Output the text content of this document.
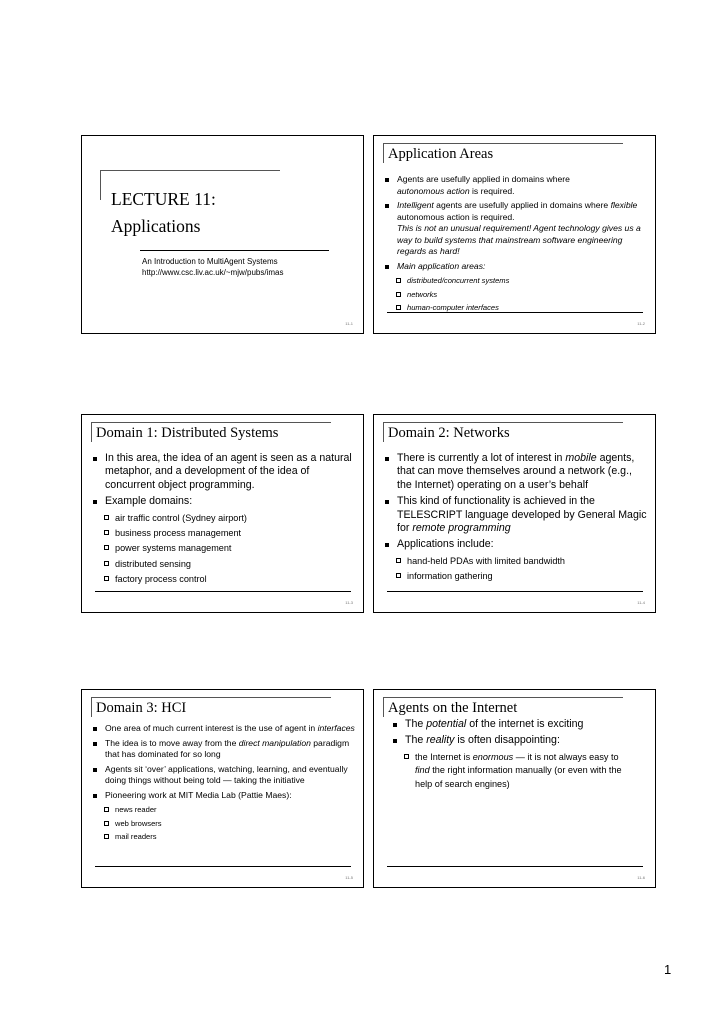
LECTURE 11:
Applications
An Introduction to MultiAgent Systems
http://www.csc.liv.ac.uk/~mjw/pubs/imas
11-1
Application Areas
Agents are usefully applied in domains where
autonomous action is required.
Intelligent agents are usefully applied in domains where flexible autonomous action is required.
This is not an unusual requirement! Agent technology gives us a way to build systems that mainstream software engineering regards as hard!
Main application areas:
distributed/concurrent systems
networks
human-computer interfaces
11-2
Domain 1: Distributed Systems
In this area, the idea of an agent is seen as a natural metaphor, and a development of the idea of concurrent object programming.
Example domains:
air traffic control (Sydney airport)
business process management
power systems management
distributed sensing
factory process control
11-3
Domain 2: Networks
There is currently a lot of interest in mobile agents, that can move themselves around a network (e.g., the Internet) operating on a user’s behalf
This kind of functionality is achieved in the TELESCRIPT language developed by General Magic for remote programming
Applications include:
hand-held PDAs with limited bandwidth
information gathering
11-4
Domain 3: HCI
One area of much current interest is the use of agent in interfaces
The idea is to move away from the direct manipulation paradigm that has dominated for so long
Agents sit ‘over’ applications, watching, learning, and eventually doing things without being told — taking the initiative
Pioneering work at MIT Media Lab (Pattie Maes):
news reader
web browsers
mail readers
11-5
Agents on the Internet
The potential of the internet is exciting
The reality is often disappointing:
the Internet is enormous — it is not always easy to find the right information manually (or even with the help of search engines)
11-6
1
